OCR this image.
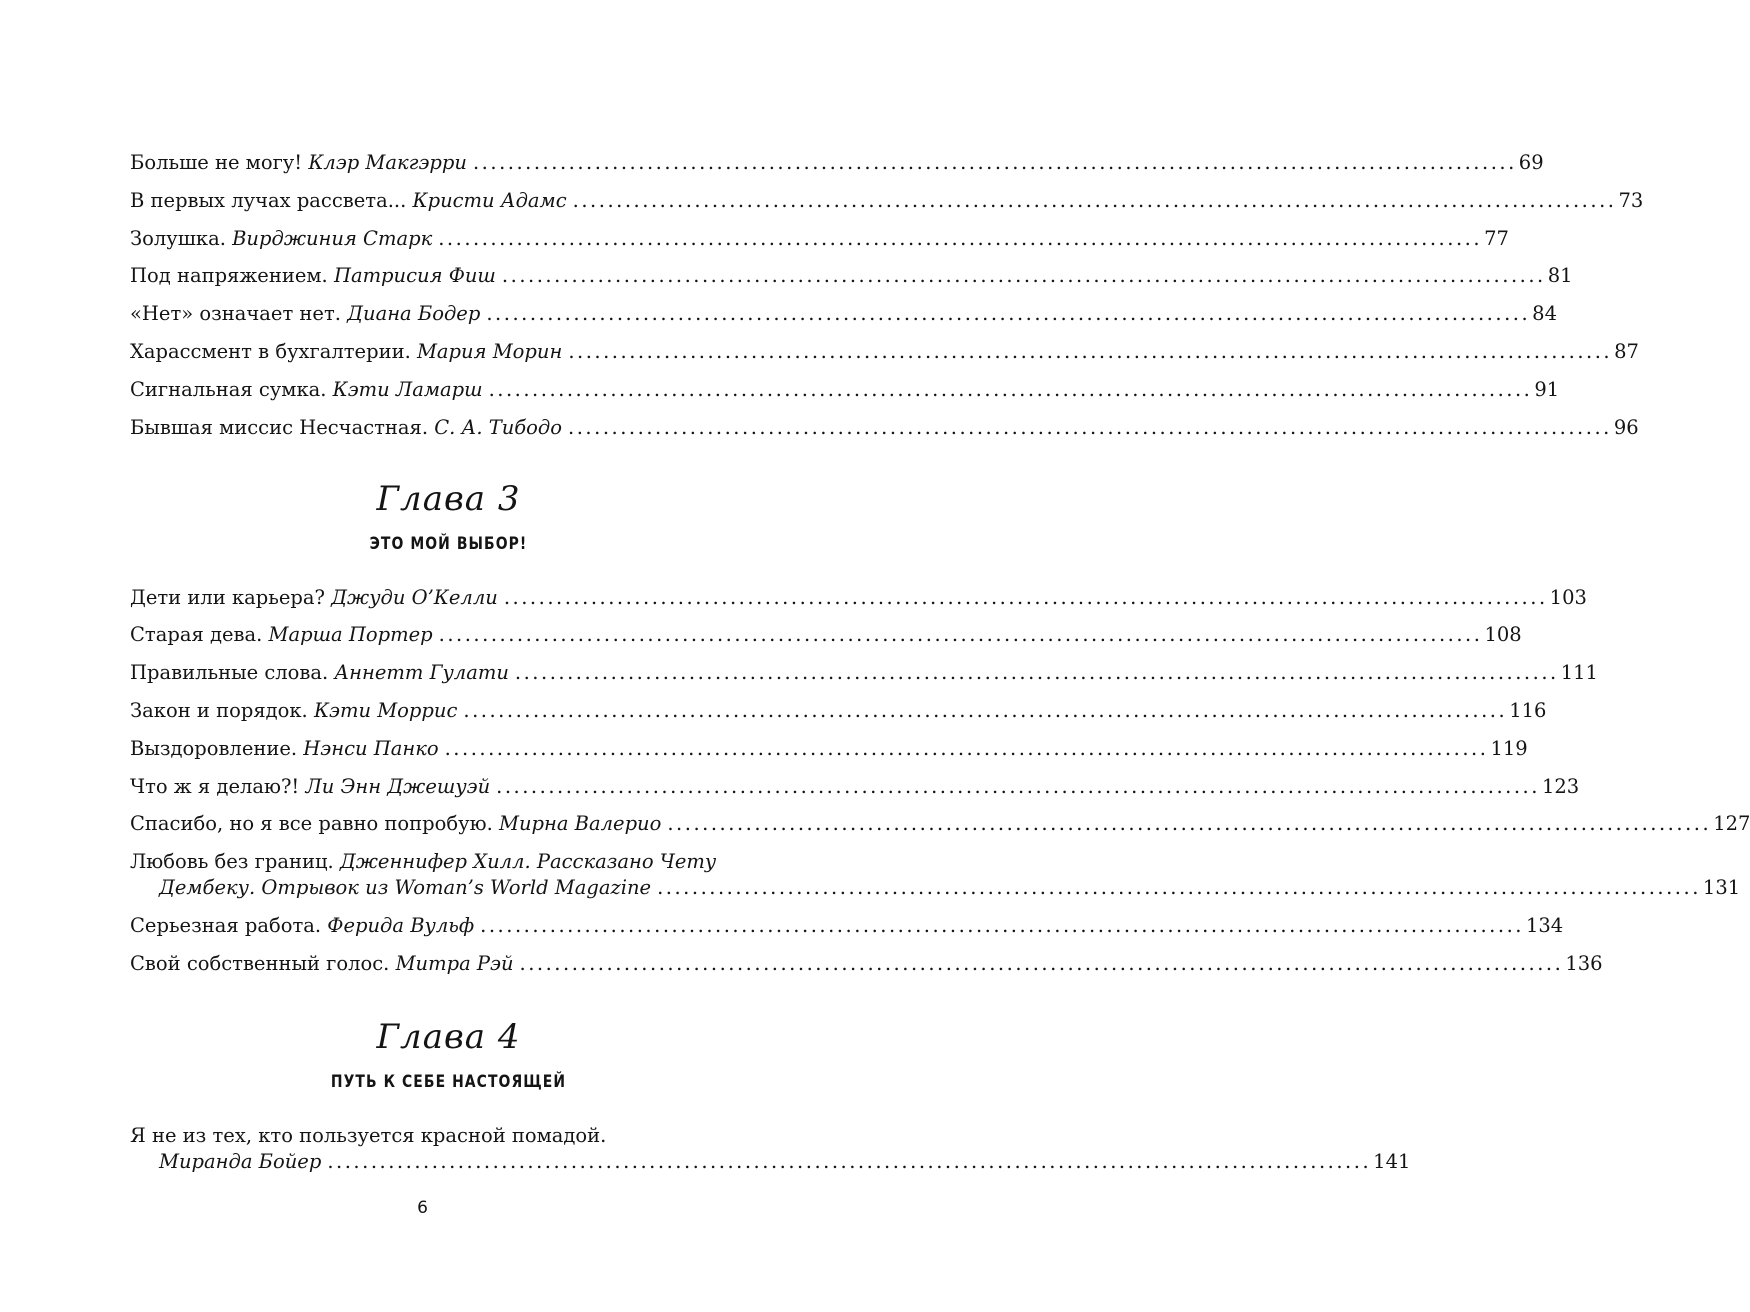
Больше не могу! Клэр Макгэрри ........................................................................................................................ 69
В первых лучах рассвета... Кристи Адамс ........................................................................................................................ 73
Золушка. Вирджиния Старк ........................................................................................................................ 77
Под напряжением. Патрисия Фиш ........................................................................................................................ 81
«Нет» означает нет. Диана Бодер ........................................................................................................................ 84
Харассмент в бухгалтерии. Мария Морин ........................................................................................................................ 87
Сигнальная сумка. Кэти Ламарш ........................................................................................................................ 91
Бывшая миссис Несчастная. С. А. Тибодо ........................................................................................................................ 96
Глава 3
ЭТО МОЙ ВЫБОР!
Дети или карьера? Джуди О’Келли ........................................................................................................................ 103
Старая дева. Марша Портер ........................................................................................................................ 108
Правильные слова. Аннетт Гулати ........................................................................................................................ 111
Закон и порядок. Кэти Моррис ........................................................................................................................ 116
Выздоровление. Нэнси Панко ........................................................................................................................ 119
Что ж я делаю?! Ли Энн Джешуэй ........................................................................................................................ 123
Спасибо, но я все равно попробую. Мирна Валерио ........................................................................................................................ 127
Любовь без границ. Дженнифер Хилл. Рассказано Чету
Дембеку. Отрывок из Woman’s World Magazine ........................................................................................................................ 131
Серьезная работа. Ферида Вульф ........................................................................................................................ 134
Свой собственный голос. Митра Рэй ........................................................................................................................ 136
Глава 4
ПУТЬ К СЕБЕ НАСТОЯЩЕЙ
Я не из тех, кто пользуется красной помадой.
Миранда Бойер ........................................................................................................................ 141
6
